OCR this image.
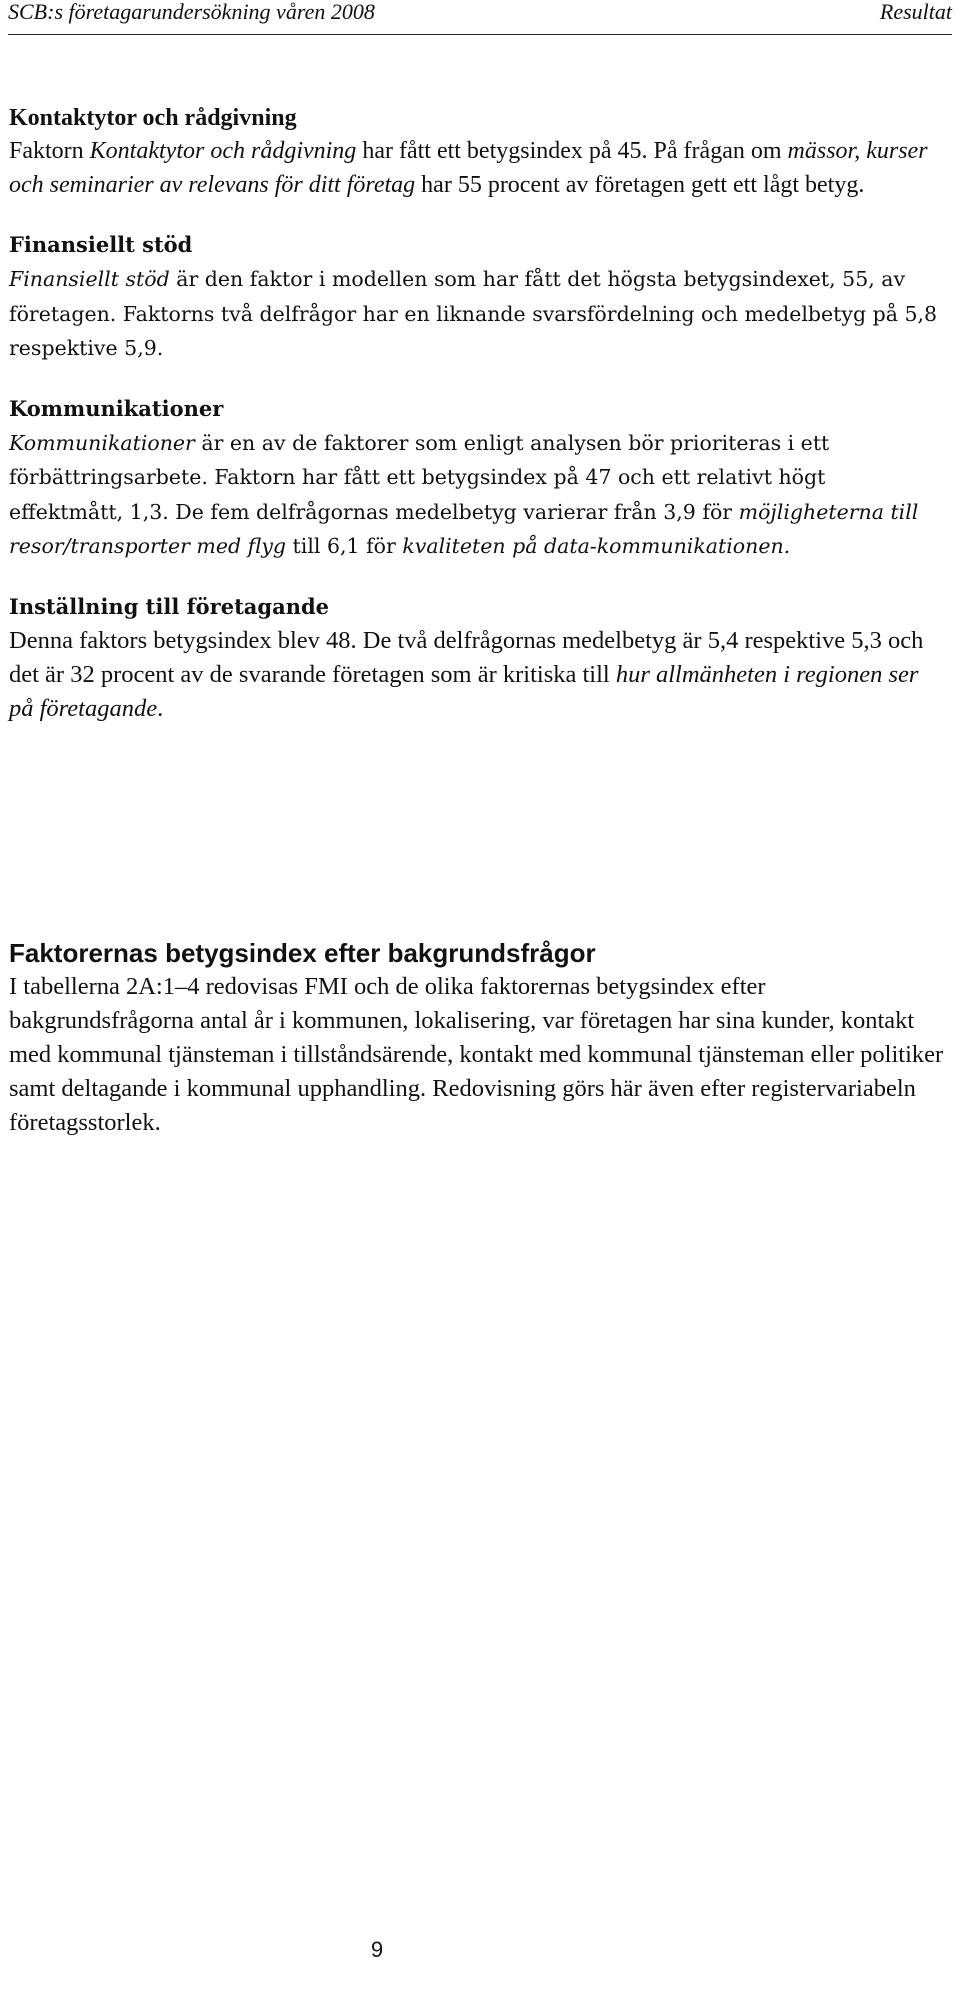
SCB:s företagarundersökning våren 2008	Resultat
Kontaktytor och rådgivning

Faktorn Kontaktytor och rådgivning har fått ett betygsindex på 45. På frågan om mässor, kurser och seminarier av relevans för ditt företag har 55 procent av företagen gett ett lågt betyg.

Finansiellt stöd

Finansiellt stöd är den faktor i modellen som har fått det högsta betygsindexet, 55, av företagen. Faktorns två delfrågor har en liknande svarsfördelning och medelbetyg på 5,8 respektive 5,9.

Kommunikationer

Kommunikationer är en av de faktorer som enligt analysen bör prioriteras i ett förbättringsarbete. Faktorn har fått ett betygsindex på 47 och ett relativt högt effektmått, 1,3. De fem delfrågornas medelbetyg varierar från 3,9 för möjligheterna till resor/transporter med flyg till 6,1 för kvaliteten på data-kommunikationen.

Inställning till företagande

Denna faktors betygsindex blev 48. De två delfrågornas medelbetyg är 5,4 respektive 5,3 och det är 32 procent av de svarande företagen som är kritiska till hur allmänheten i regionen ser på företagande.

Faktorernas betygsindex efter bakgrundsfrågor

I tabellerna 2A:1–4 redovisas FMI och de olika faktorernas betygsindex efter bakgrundsfrågorna antal år i kommunen, lokalisering, var företagen har sina kunder, kontakt med kommunal tjänsteman i tillståndsärende, kontakt med kommunal tjänsteman eller politiker samt deltagande i kommunal upphandling. Redovisning görs här även efter registervariabeln företagsstorlek.

9
